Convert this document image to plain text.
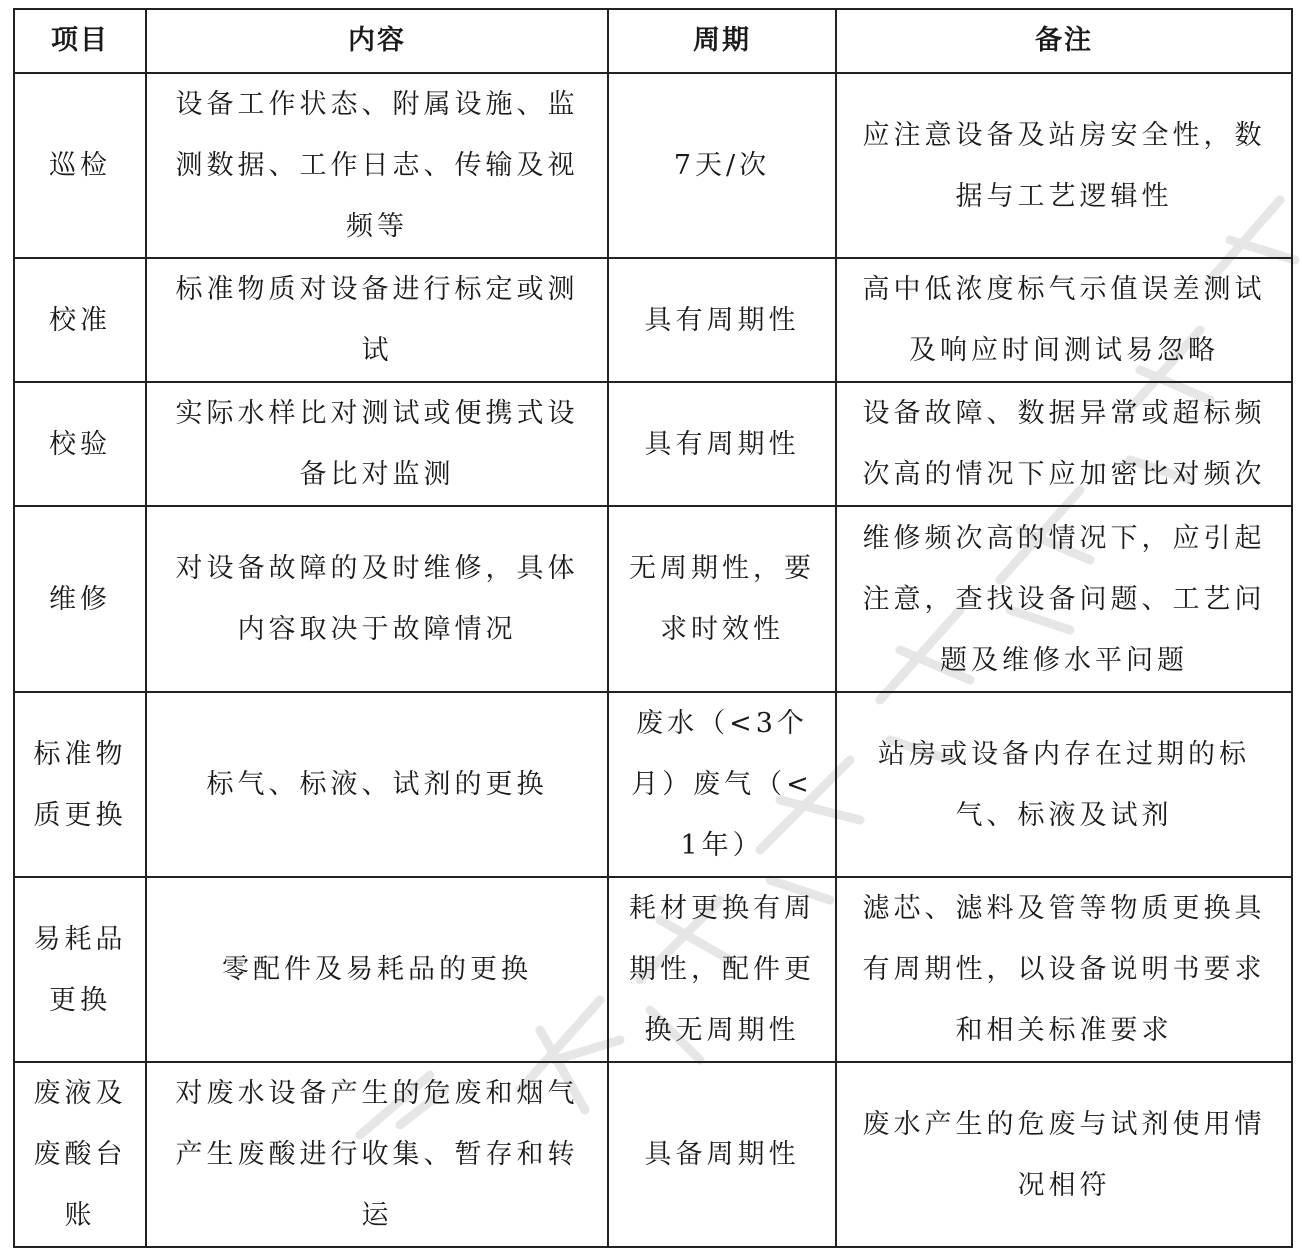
项目	内容	周期	备注
巡检	设备工作状态、附属设施、监测数据、工作日志、传输及视频等	7天/次	应注意设备及站房安全性，数据与工艺逻辑性
校准	标准物质对设备进行标定或测试	具有周期性	高中低浓度标气示值误差测试及响应时间测试易忽略
校验	实际水样比对测试或便携式设备比对监测	具有周期性	设备故障、数据异常或超标频次高的情况下应加密比对频次
维修	对设备故障的及时维修，具体内容取决于故障情况	无周期性，要求时效性	维修频次高的情况下，应引起注意，查找设备问题、工艺问题及维修水平问题
标准物质更换	标气、标液、试剂的更换	废水（<3个月）废气（<1年）	站房或设备内存在过期的标气、标液及试剂
易耗品更换	零配件及易耗品的更换	耗材更换有周期性，配件更换无周期性	滤芯、滤料及管等物质更换具有周期性，以设备说明书要求和相关标准要求
废液及废酸台账	对废水设备产生的危废和烟气产生废酸进行收集、暂存和转运	具备周期性	废水产生的危废与试剂使用情况相符
